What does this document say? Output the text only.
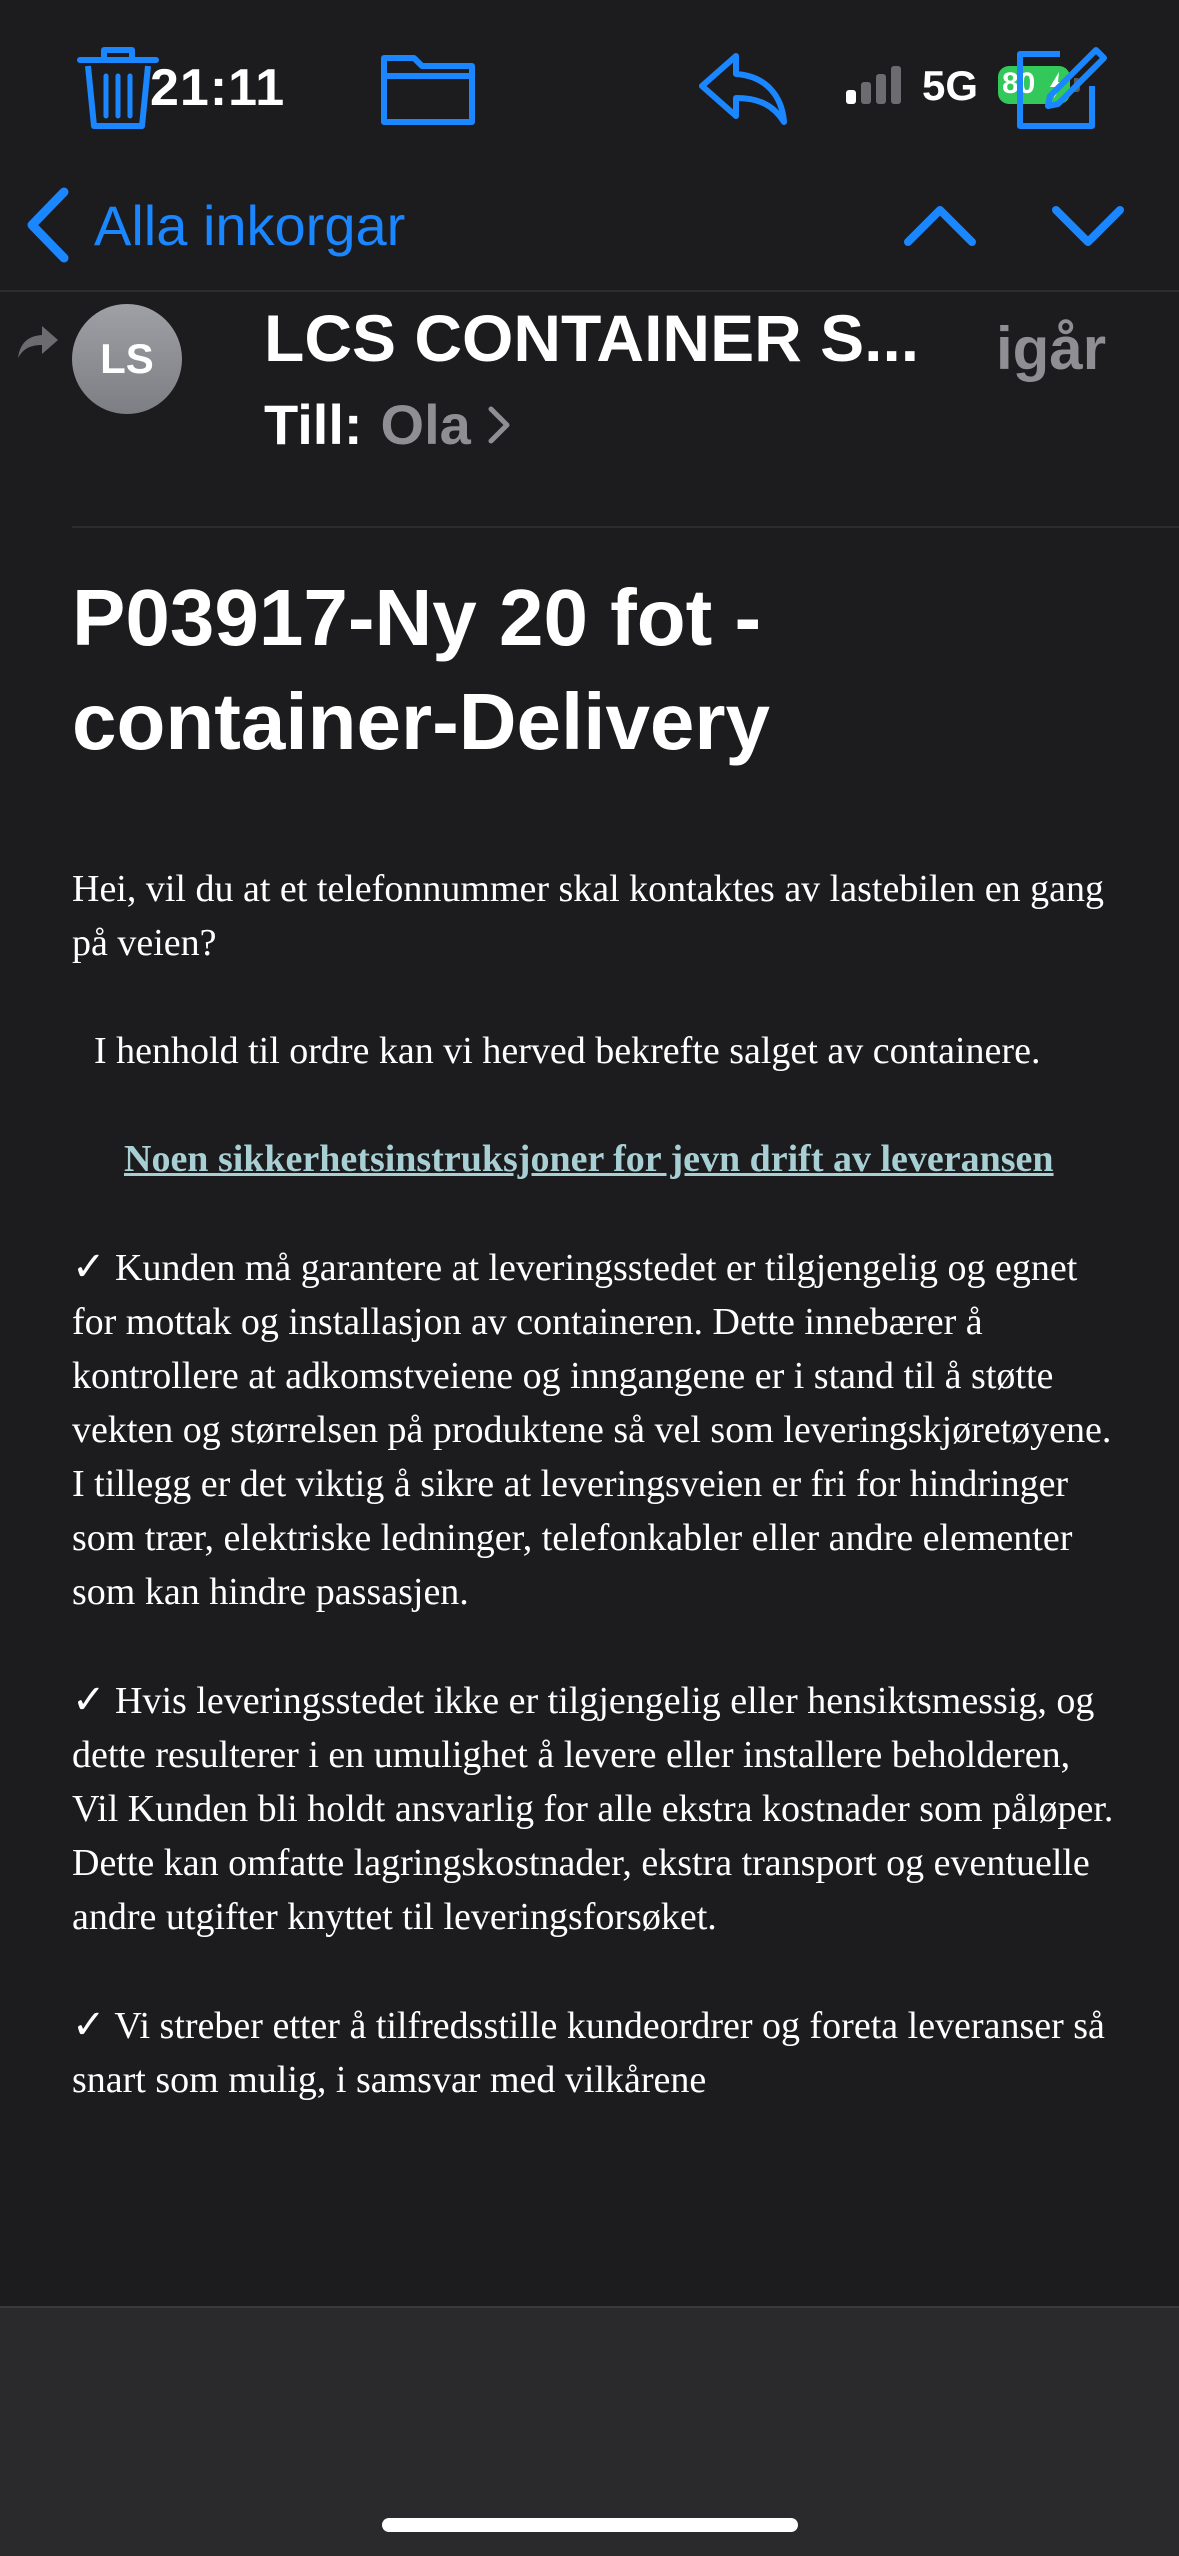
21:11	5G 80
Alla inkorgar
LS	LCS CONTAINER S...	igår
Till: Ola
P03917-Ny 20 fot -container-Delivery

Hei, vil du at et telefonnummer skal kontaktes av lastebilen en gang på veien?

I henhold til ordre kan vi herved bekrefte salget av containere.

Noen sikkerhetsinstruksjoner for jevn drift av leveransen

✓ Kunden må garantere at leveringsstedet er tilgjengelig og egnet for mottak og installasjon av containeren. Dette innebærer å kontrollere at adkomstveiene og inngangene er i stand til å støtte vekten og størrelsen på produktene så vel som leveringskjøretøyene. I tillegg er det viktig å sikre at leveringsveien er fri for hindringer som trær, elektriske ledninger, telefonkabler eller andre elementer som kan hindre passasjen.

✓ Hvis leveringsstedet ikke er tilgjengelig eller hensiktsmessig, og dette resulterer i en umulighet å levere eller installere beholderen, Vil Kunden bli holdt ansvarlig for alle ekstra kostnader som påløper. Dette kan omfatte lagringskostnader, ekstra transport og eventuelle andre utgifter knyttet til leveringsforsøket.

✓ Vi streber etter å tilfredsstille kundeordrer og foreta leveranser så snart som mulig, i samsvar med vilkårene
